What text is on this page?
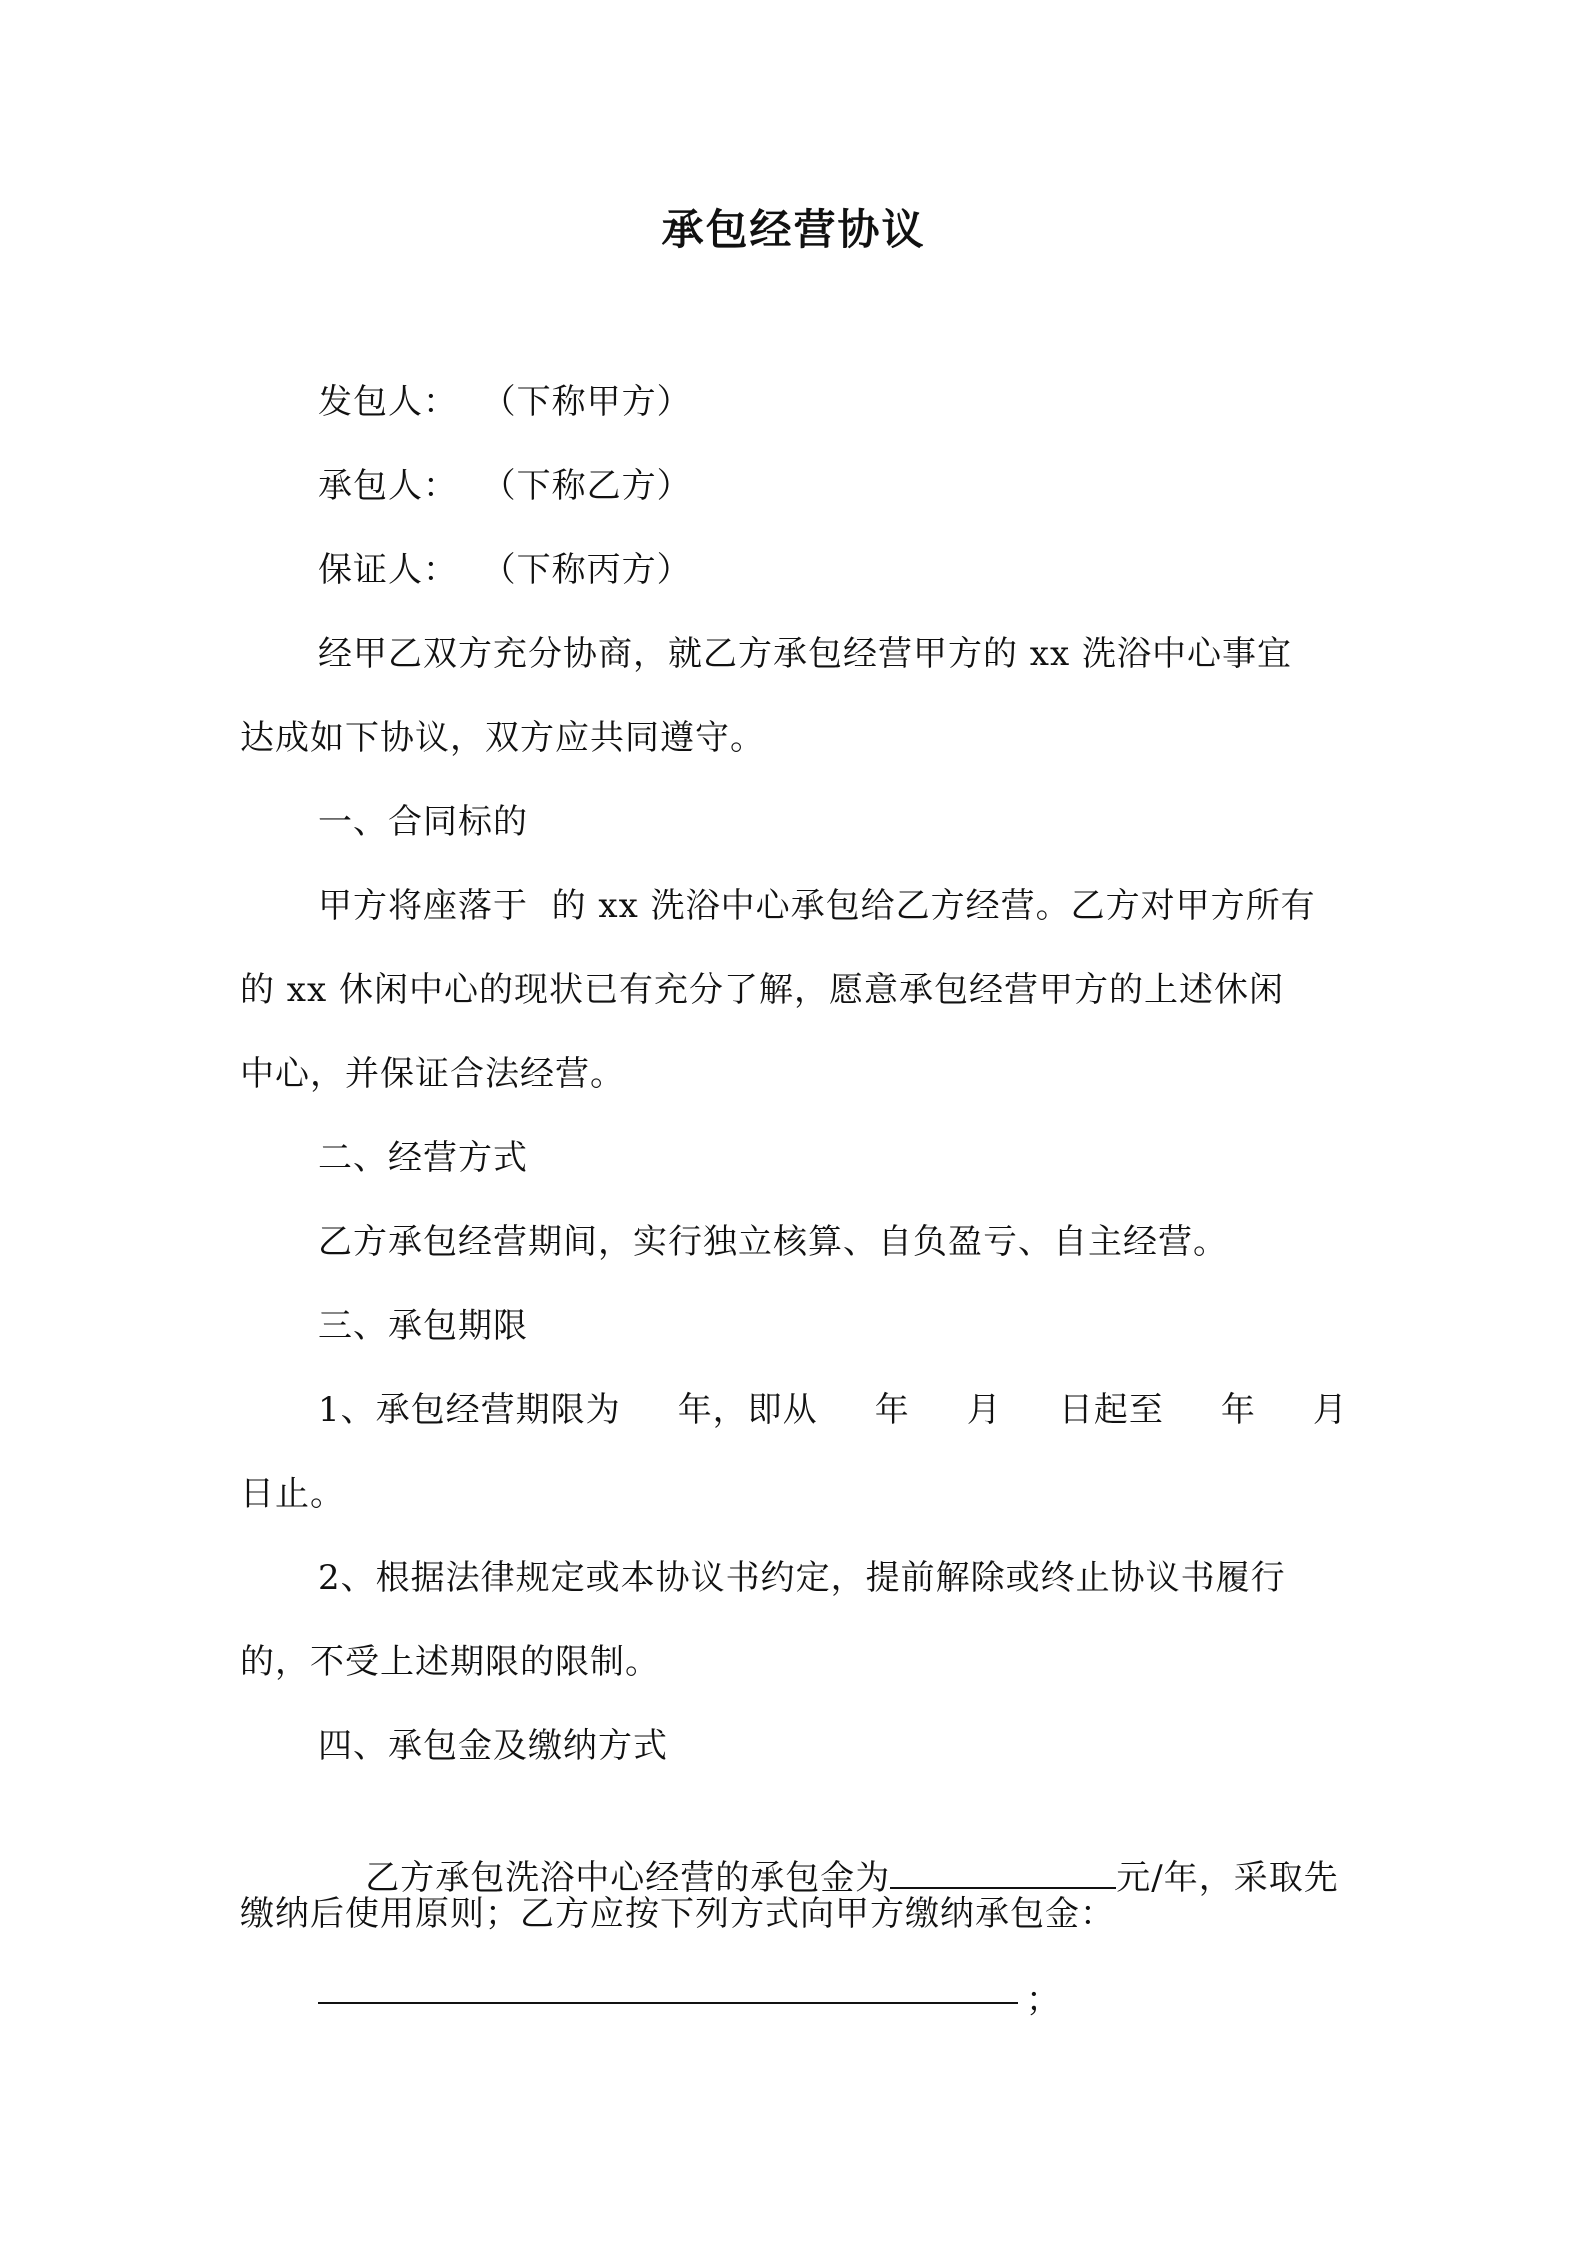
承包经营协议
发包人：  （下称甲方）
承包人：  （下称乙方）
保证人：  （下称丙方）
经甲乙双方充分协商，就乙方承包经营甲方的 xx 洗浴中心事宜
达成如下协议，双方应共同遵守。
一、合同标的
甲方将座落于  的 xx 洗浴中心承包给乙方经营。乙方对甲方所有
的 xx 休闲中心的现状已有充分了解，愿意承包经营甲方的上述休闲
中心，并保证合法经营。
二、经营方式
乙方承包经营期间，实行独立核算、自负盈亏、自主经营。
三、承包期限
1、承包经营期限为 年，即从 年 月 日起至 年 月
日止。
2、根据法律规定或本协议书约定，提前解除或终止协议书履行
的，不受上述期限的限制。
四、承包金及缴纳方式

乙方承包洗浴中心经营的承包金为	元/年，采取先

缴纳后使用原则；乙方应按下列方式向甲方缴纳承包金：
；
